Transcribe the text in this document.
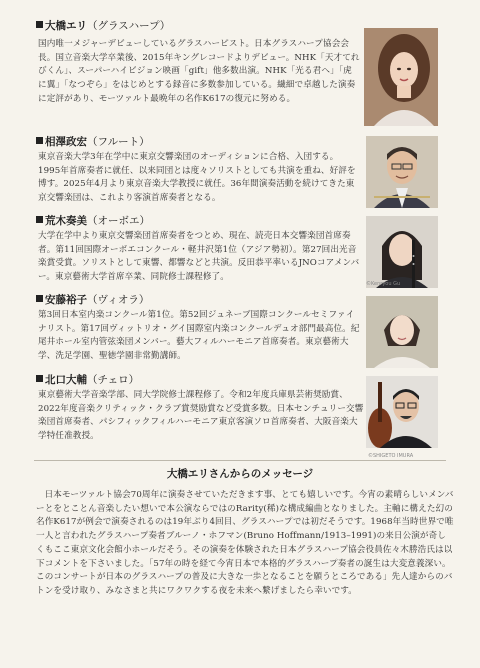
大橋エリ（グラスハープ）
国内唯一メジャーデビューしているグラスハーピスト。日本グラスハープ協会会長。国立音楽大学卒業後、2015年キングレコードよりデビュー。NHK「天才てれびくん」、スーパーハイビジョン映画「gift」他多数出演。NHK「光る君へ」「虎に翼」「なつぞら」をはじめとする録音に多数参加している。繊細で卓越した演奏に定評があり、モーツァルト最晩年の名作K617の復元に努める。
相澤政宏（フルート）
東京音楽大学3年在学中に東京交響楽団のオーディションに合格、入団する。1995年首席奏者に就任、以来同団とは度々ソリストとしても共演を重ね、好評を博す。2025年4月より東京音楽大学教授に就任。36年間演奏活動を続けてきた東京交響楽団は、これより客演首席奏者となる。
荒木奏美（オーボエ）
大学在学中より東京交響楽団首席奏者をつとめ、現在、読売日本交響楽団首席奏者。第11回国際オーボエコンクール・軽井沢第1位（アジア勢初）。第27回出光音楽賞受賞。ソリストとして東響、都響などと共演。反田恭平率いるJNOコアメンバー。東京藝術大学首席卒業、同院修士課程修了。
©Kenryou Gu
安藤裕子（ヴィオラ）
第3回日本室内楽コンクール第1位。第52回ジュネーブ国際コンクールセミファイナリスト。第17回ヴィットリオ・グイ国際室内楽コンクールデュオ部門最高位。紀尾井ホール室内管弦楽団メンバー。藝大フィルハーモニア首席奏者。東京藝術大学、洗足学園、聖徳学園非常勤講師。
北口大輔（チェロ）
東京藝術大学音楽学部、同大学院修士課程修了。令和2年度兵庫県芸術奨励賞、2022年度音楽クリティック・クラブ賞奨励賞など受賞多数。日本センチュリー交響楽団首席奏者、パシフィックフィルハーモニア東京客演ソロ首席奏者、大阪音楽大学特任准教授。
©SHIGETO IMURA
大橋エリさんからのメッセージ
日本モーツァルト協会70周年に演奏させていただきます事、とても嬉しいです。今宵の素晴らしいメンバーとをとことん音楽したい想いで本公演ならではのRarity(稀)な構成編曲となりました。主軸に構えた幻の名作K617が例会で演奏されるのは19年ぶり4回目、グラスハープでは初だそうです。1968年当時世界で唯一人と言われたグラスハープ奏者ブルーノ・ホフマン(Bruno Hoffmann/1913–1991)の来日公演が奇しくもここ東京文化会館小ホールだそう。その演奏を体験された日本グラスハープ協会役員佐々木勝浩氏は以下コメントを下さいました。「57年の時を経て今宵日本で本格的グラスハープ奏者の誕生は大変意義深い。このコンサートが日本のグラスハープの普及に大きな一歩となることを願うところである」先人達からのバトンを受け取り、みなさまと共にワクワクする夜を未来へ繋げましたら幸いです。
